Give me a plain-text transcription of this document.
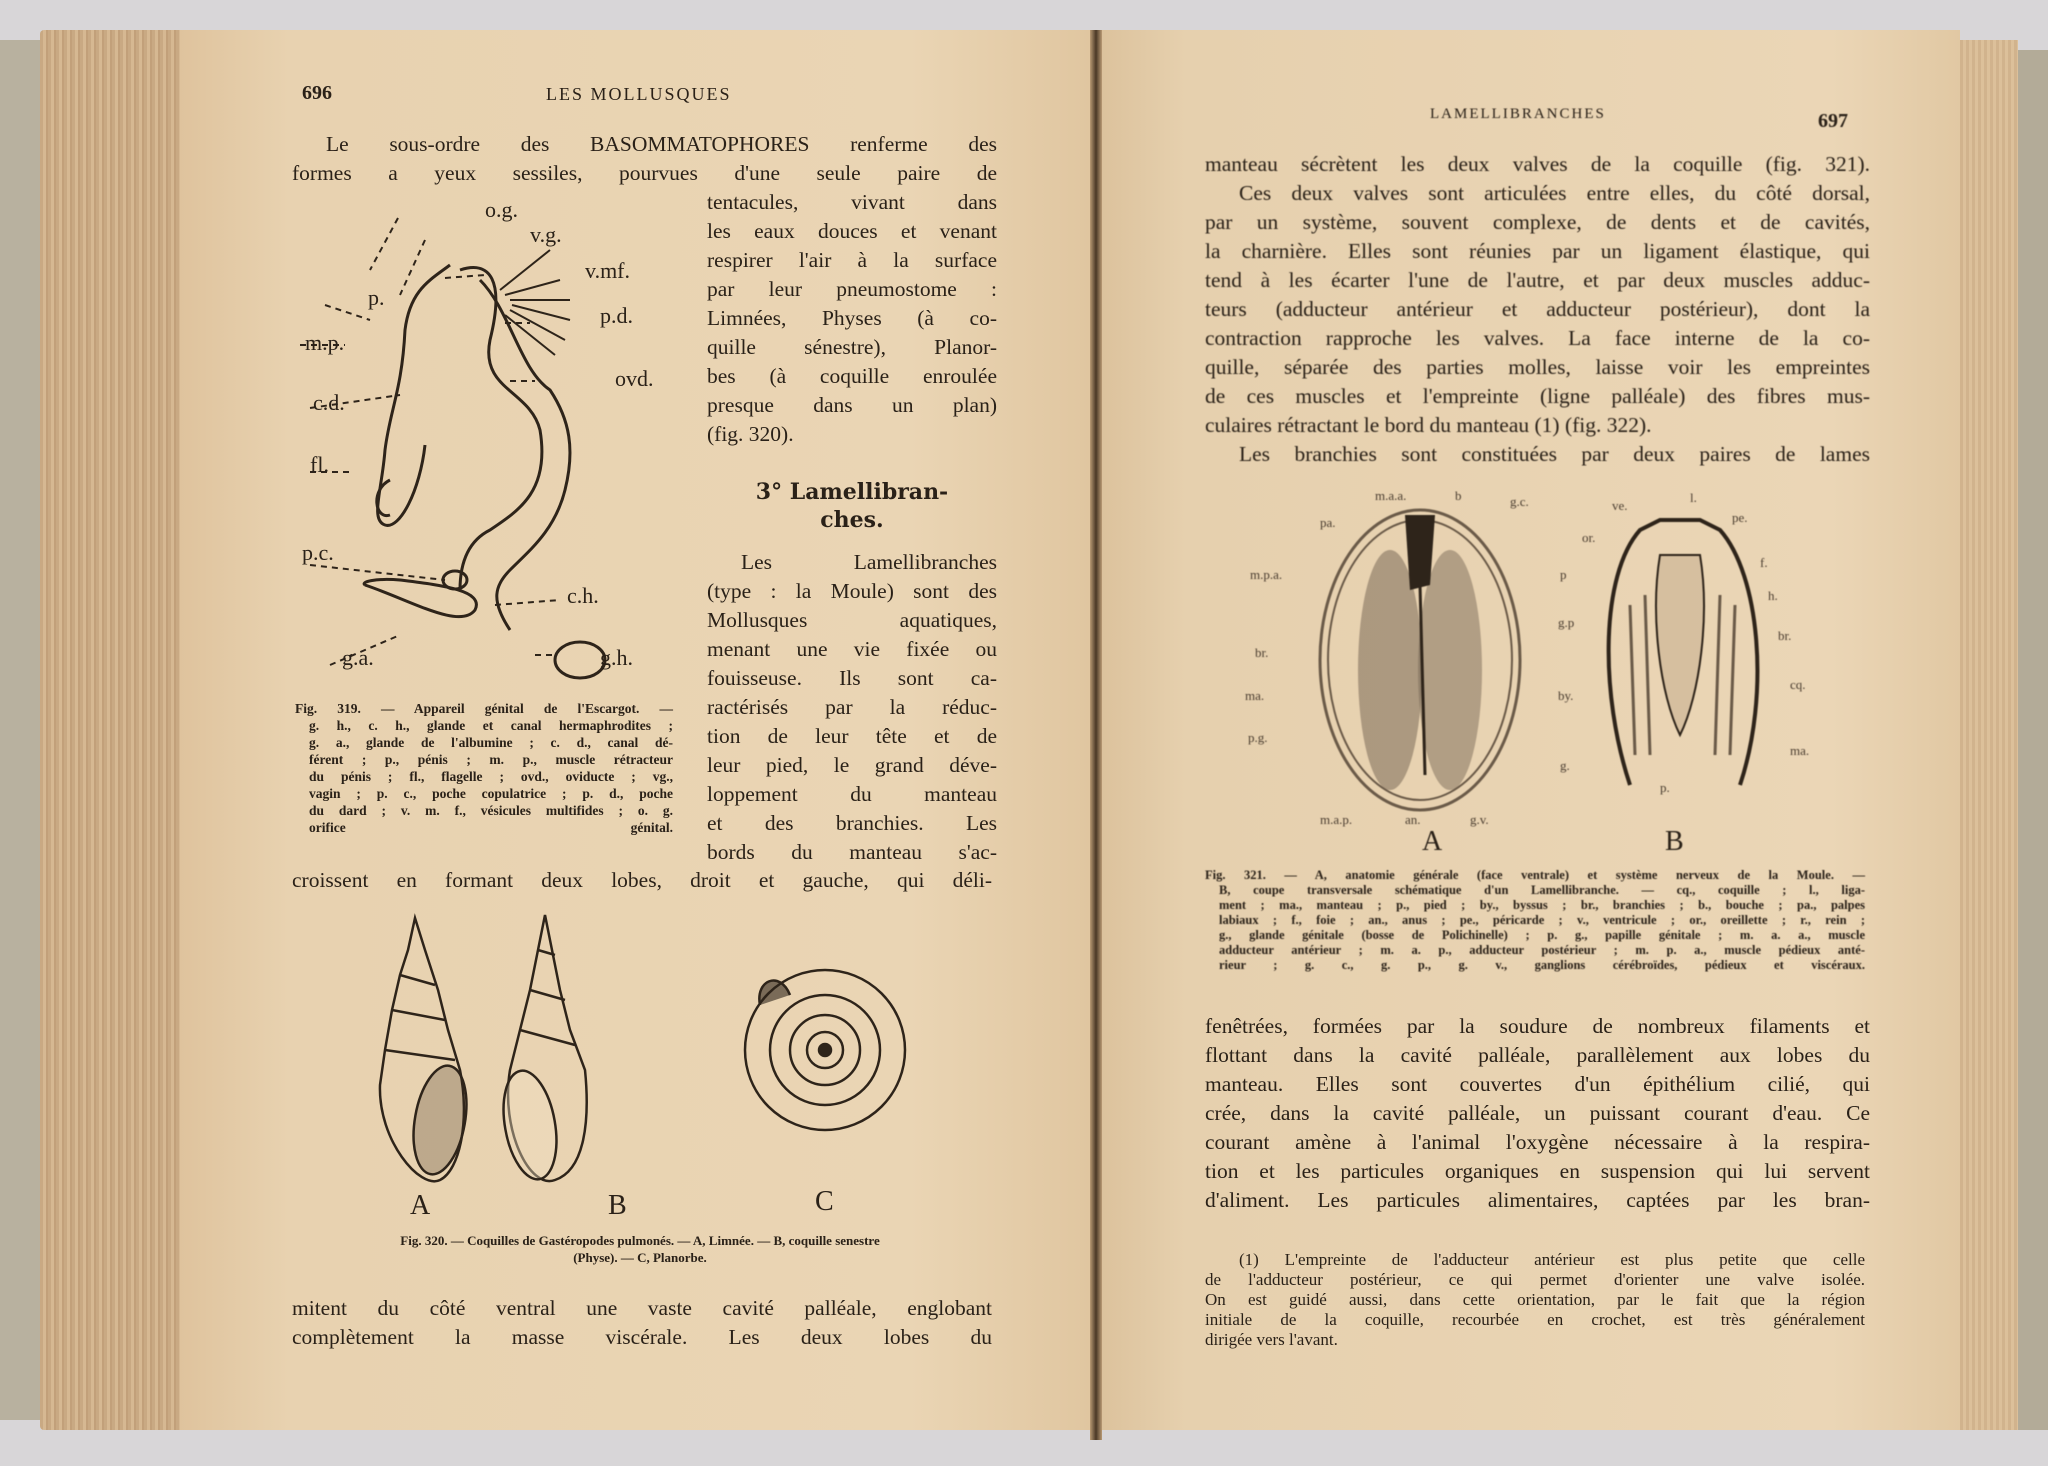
696	LES MOLLUSQUES
Le sous-ordre des BASOMMATOPHORES renferme des
formes a yeux sessiles, pourvues d'une seule paire de
tentacules, vivant dans
les eaux douces et venant
respirer l'air à la surface
par leur pneumostome :
Limnées, Physes (à co-
quille sénestre), Planor-
bes (à coquille enroulée
presque dans un plan)
(fig. 320).
3° Lamellibran-
ches.
Les Lamellibranches
(type : la Moule) sont des
Mollusques aquatiques,
menant une vie fixée ou
fouisseuse. Ils sont ca-
ractérisés par la réduc-
tion de leur tête et de
leur pied, le grand déve-
loppement du manteau
et des branchies. Les
bords du manteau s'ac-
croissent en formant deux lobes, droit et gauche, qui déli-
o.g.
v.g.
v.mf.
p.
p.d.
m.p.
ovd.
c.d.
fl.
p.c.
c.h.
g.a.	g.h.
Fig. 319. — Appareil génital de l'Escargot. —
g. h., c. h., glande et canal hermaphrodites ;
g. a., glande de l'albumine ; c. d., canal dé-
férent ; p., pénis ; m. p., muscle rétracteur
du pénis ; fl., flagelle ; ovd., oviducte ; vg.,
vagin ; p. c., poche copulatrice ; p. d., poche
du dard ; v. m. f., vésicules multifides ; o. g.
orifice génital.
A	B	C
Fig. 320. — Coquilles de Gastéropodes pulmonés. — A, Limnée. — B, coquille senestre
(Physe). — C, Planorbe.
mitent du côté ventral une vaste cavité palléale, englobant
complètement la masse viscérale. Les deux lobes du
LAMELLIBRANCHES	697
manteau sécrètent les deux valves de la coquille (fig. 321).
Ces deux valves sont articulées entre elles, du côté dorsal,
par un système, souvent complexe, de dents et de cavités,
la charnière. Elles sont réunies par un ligament élastique, qui
tend à les écarter l'une de l'autre, et par deux muscles adduc-
teurs (adducteur antérieur et adducteur postérieur), dont la
contraction rapproche les valves. La face interne de la co-
quille, séparée des parties molles, laisse voir les empreintes
de ces muscles et l'empreinte (ligne palléale) des fibres mus-
culaires rétractant le bord du manteau (1) (fig. 322).
Les branchies sont constituées par deux paires de lames
m.a.a.	b	g.c.
pa.
m.p.a.	p
g.p
br.
by.
ma.
p.g.
g.
m.a.p.	an.	g.v.
ve.
l.
pe.
or.
f.
h.
br.
cq.
ma.
p.
A	B
Fig. 321. — A, anatomie générale (face ventrale) et système nerveux de la Moule. —
B, coupe transversale schématique d'un Lamellibranche. — cq., coquille ; l., liga-
ment ; ma., manteau ; p., pied ; by., byssus ; br., branchies ; b., bouche ; pa., palpes
labiaux ; f., foie ; an., anus ; pe., péricarde ; v., ventricule ; or., oreillette ; r., rein ;
g., glande génitale (bosse de Polichinelle) ; p. g., papille génitale ; m. a. a., muscle
adducteur antérieur ; m. a. p., adducteur postérieur ; m. p. a., muscle pédieux anté-
rieur ; g. c., g. p., g. v., ganglions cérébroïdes, pédieux et viscéraux.
fenêtrées, formées par la soudure de nombreux filaments et
flottant dans la cavité palléale, parallèlement aux lobes du
manteau. Elles sont couvertes d'un épithélium cilié, qui
crée, dans la cavité palléale, un puissant courant d'eau. Ce
courant amène à l'animal l'oxygène nécessaire à la respira-
tion et les particules organiques en suspension qui lui servent
d'aliment. Les particules alimentaires, captées par les bran-
(1) L'empreinte de l'adducteur antérieur est plus petite que celle
de l'adducteur postérieur, ce qui permet d'orienter une valve isolée.
On est guidé aussi, dans cette orientation, par le fait que la région
initiale de la coquille, recourbée en crochet, est très généralement
dirigée vers l'avant.
